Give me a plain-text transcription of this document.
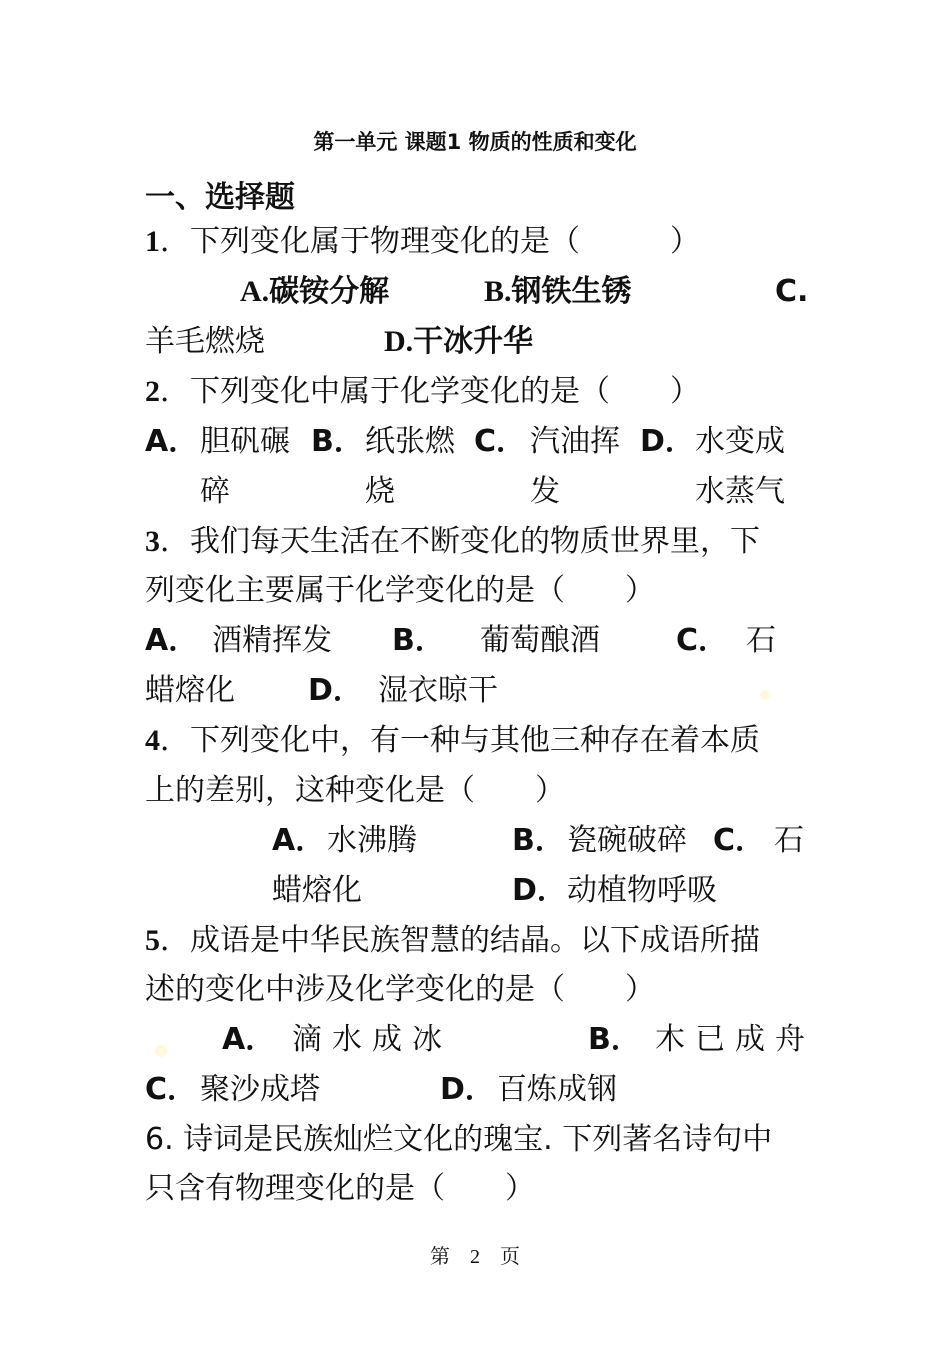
第一单元 课题1 物质的性质和变化
一、选择题
1．下列变化属于物理变化的是（　　　）
A.碳铵分解	B.钢铁生锈	C.
羊毛燃烧	D.干冰升华
2．下列变化中属于化学变化的是（　　）
A． 胆矾碾
碎
B． 纸张燃
烧
C． 汽油挥
发
D． 水变成
水蒸气
3．我们每天生活在不断变化的物质世界里，下
列变化主要属于化学变化的是（　　）
A． 酒精挥发 B． 葡萄酿酒	C． 石
蜡熔化 D． 湿衣晾干
4．下列变化中，有一种与其他三种存在着本质
上的差别，这种变化是（　　）
A． 水沸腾	B． 瓷碗破碎 C． 石
蜡熔化	D． 动植物呼吸
5．成语是中华民族智慧的结晶。以下成语所描
述的变化中涉及化学变化的是（　　）
A． 滴水成冰	B． 木已成舟
C． 聚沙成塔	D． 百炼成钢
6. 诗词是民族灿烂文化的瑰宝. 下列著名诗句中
只含有物理变化的是（　　）
第　2　页
